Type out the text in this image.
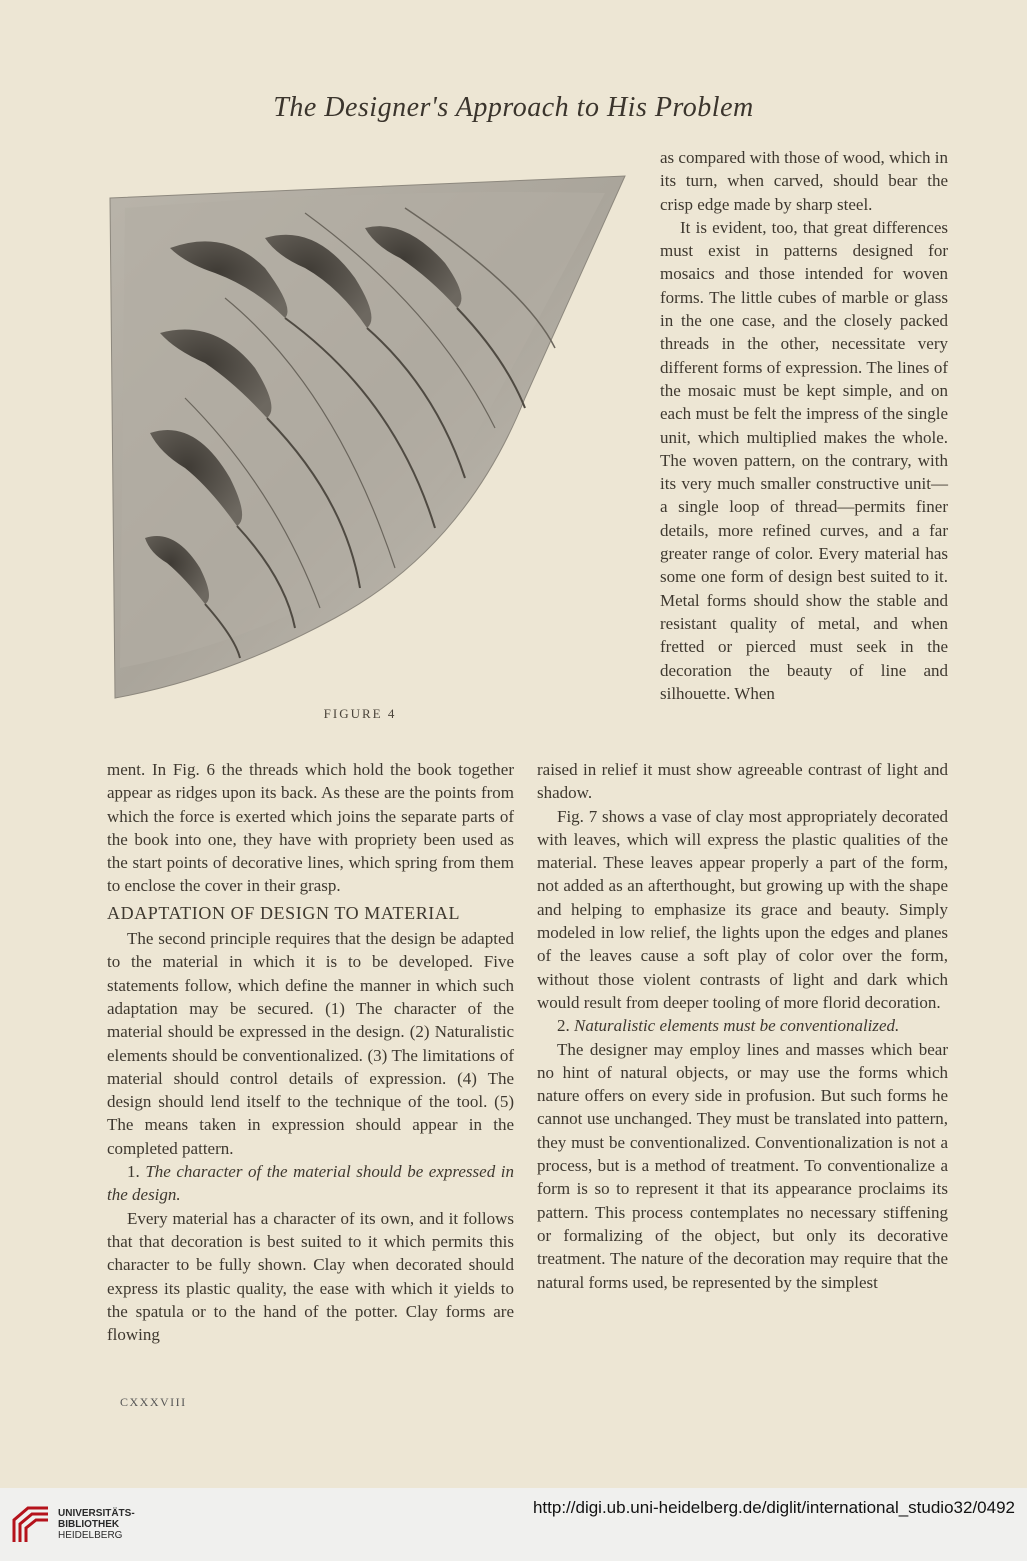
The Designer's Approach to His Problem
FIGURE 4

as compared with those of wood, which in its turn, when carved, should bear the crisp edge made by sharp steel.

It is evident, too, that great differences must exist in patterns designed for mosaics and those intended for woven forms. The little cubes of marble or glass in the one case, and the closely packed threads in the other, necessitate very different forms of expression. The lines of the mosaic must be kept simple, and on each must be felt the impress of the single unit, which multiplied makes the whole. The woven pattern, on the contrary, with its very much smaller constructive unit—a single loop of thread—permits finer details, more refined curves, and a far greater range of color. Every material has some one form of design best suited to it. Metal forms should show the stable and resistant quality of metal, and when fretted or pierced must seek in the decoration the beauty of line and silhouette. When

ment. In Fig. 6 the threads which hold the book together appear as ridges upon its back. As these are the points from which the force is exerted which joins the separate parts of the book into one, they have with propriety been used as the start points of decorative lines, which spring from them to enclose the cover in their grasp.

ADAPTATION OF DESIGN TO MATERIAL

The second principle requires that the design be adapted to the material in which it is to be developed. Five statements follow, which define the manner in which such adaptation may be secured. (1) The character of the material should be expressed in the design. (2) Naturalistic elements should be conventionalized. (3) The limitations of material should control details of expression. (4) The design should lend itself to the technique of the tool. (5) The means taken in expression should appear in the completed pattern.

1. The character of the material should be expressed in the design.

Every material has a character of its own, and it follows that that decoration is best suited to it which permits this character to be fully shown. Clay when decorated should express its plastic quality, the ease with which it yields to the spatula or to the hand of the potter. Clay forms are flowing

raised in relief it must show agreeable contrast of light and shadow.

Fig. 7 shows a vase of clay most appropriately decorated with leaves, which will express the plastic qualities of the material. These leaves appear properly a part of the form, not added as an afterthought, but growing up with the shape and helping to emphasize its grace and beauty. Simply modeled in low relief, the lights upon the edges and planes of the leaves cause a soft play of color over the form, without those violent contrasts of light and dark which would result from deeper tooling of more florid decoration.

2. Naturalistic elements must be conventionalized.

The designer may employ lines and masses which bear no hint of natural objects, or may use the forms which nature offers on every side in profusion. But such forms he cannot use unchanged. They must be translated into pattern, they must be conventionalized. Conventionalization is not a process, but is a method of treatment. To conventionalize a form is so to represent it that its appearance proclaims its pattern. This process contemplates no necessary stiffening or formalizing of the object, but only its decorative treatment. The nature of the decoration may require that the natural forms used, be represented by the simplest

CXXXVIII
UNIVERSITÄTS-
BIBLIOTHEK
HEIDELBERG
http://digi.ub.uni-heidelberg.de/diglit/international_studio32/0492
